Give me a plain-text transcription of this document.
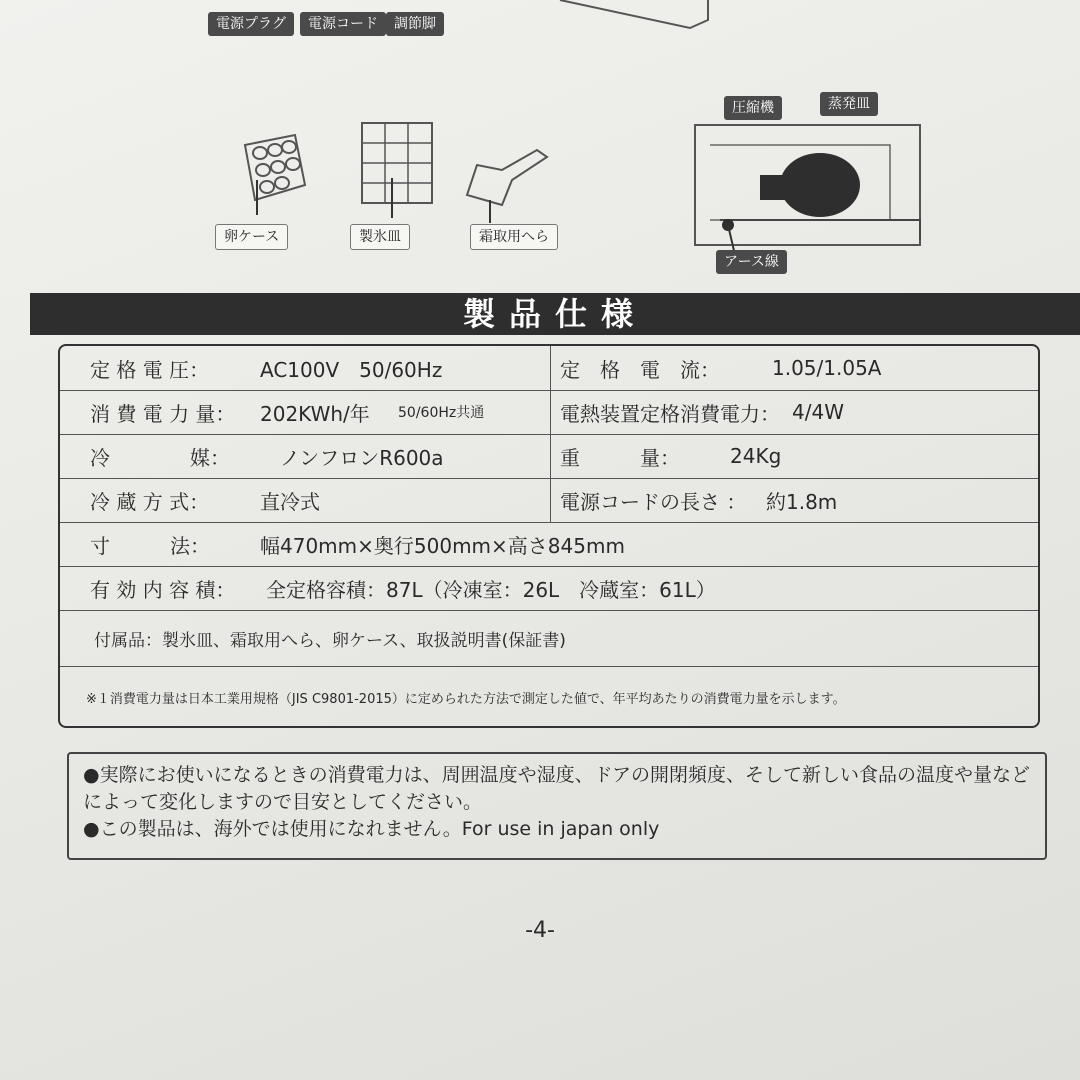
電源プラグ	電源コード	調節脚
卵ケース	製氷皿	霜取用へら
圧縮機	蒸発皿
アース線
製品仕様
定 格 電 圧：	AC100V　50/60Hz	定　格　電　流：	1.05/1.05A
消 費 電 力 量： 202KWh/年 50/60Hz共通	電熱装置定格消費電力： 4/4W
冷　　　　媒：	ノンフロンR600a	重　　　量：	24Kg
冷 蔵 方 式：	直冷式	電源コードの長さ ： 約1.8m
寸　　　法：	幅470mm×奥行500mm×高さ845mm
有 効 内 容 積： 全定格容積：87L（冷凍室：26L　冷蔵室：61L）
付属品：製氷皿、霜取用へら、卵ケース、取扱説明書(保証書)
※１消費電力量は日本工業用規格（JIS C9801-2015）に定められた方法で測定した値で、年平均あたりの消費電力量を示します。
●実際にお使いになるときの消費電力は、周囲温度や湿度、ドアの開閉頻度、そして新しい食品の温度や量などによって変化しますので目安としてください。
●この製品は、海外では使用になれません。For use in japan only
-4-
